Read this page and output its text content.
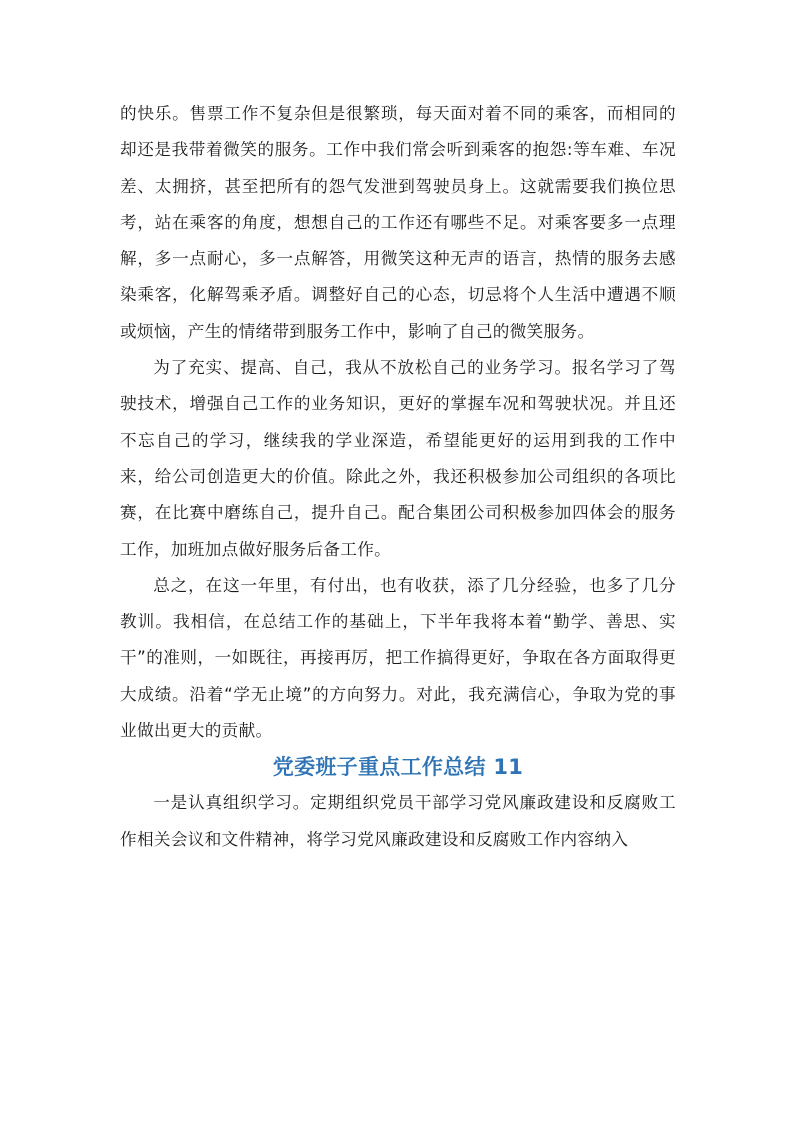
的快乐。售票工作不复杂但是很繁琐，每天面对着不同的乘客，而相同的却还是我带着微笑的服务。工作中我们常会听到乘客的抱怨:等车难、车况差、太拥挤，甚至把所有的怨气发泄到驾驶员身上。这就需要我们换位思考，站在乘客的角度，想想自己的工作还有哪些不足。对乘客要多一点理解，多一点耐心，多一点解答，用微笑这种无声的语言，热情的服务去感染乘客，化解驾乘矛盾。调整好自己的心态，切忌将个人生活中遭遇不顺或烦恼，产生的情绪带到服务工作中，影响了自己的微笑服务。

为了充实、提高、自己，我从不放松自己的业务学习。报名学习了驾驶技术，增强自己工作的业务知识，更好的掌握车况和驾驶状况。并且还不忘自己的学习，继续我的学业深造，希望能更好的运用到我的工作中来，给公司创造更大的价值。除此之外，我还积极参加公司组织的各项比赛，在比赛中磨练自己，提升自己。配合集团公司积极参加四体会的服务工作，加班加点做好服务后备工作。

总之，在这一年里，有付出，也有收获，添了几分经验，也多了几分教训。我相信，在总结工作的基础上，下半年我将本着“勤学、善思、实干”的准则，一如既往，再接再厉，把工作搞得更好，争取在各方面取得更大成绩。沿着“学无止境”的方向努力。对此，我充满信心，争取为党的事业做出更大的贡献。

党委班子重点工作总结 11

一是认真组织学习。定期组织党员干部学习党风廉政建设和反腐败工作相关会议和文件精神，将学习党风廉政建设和反腐败工作内容纳入
